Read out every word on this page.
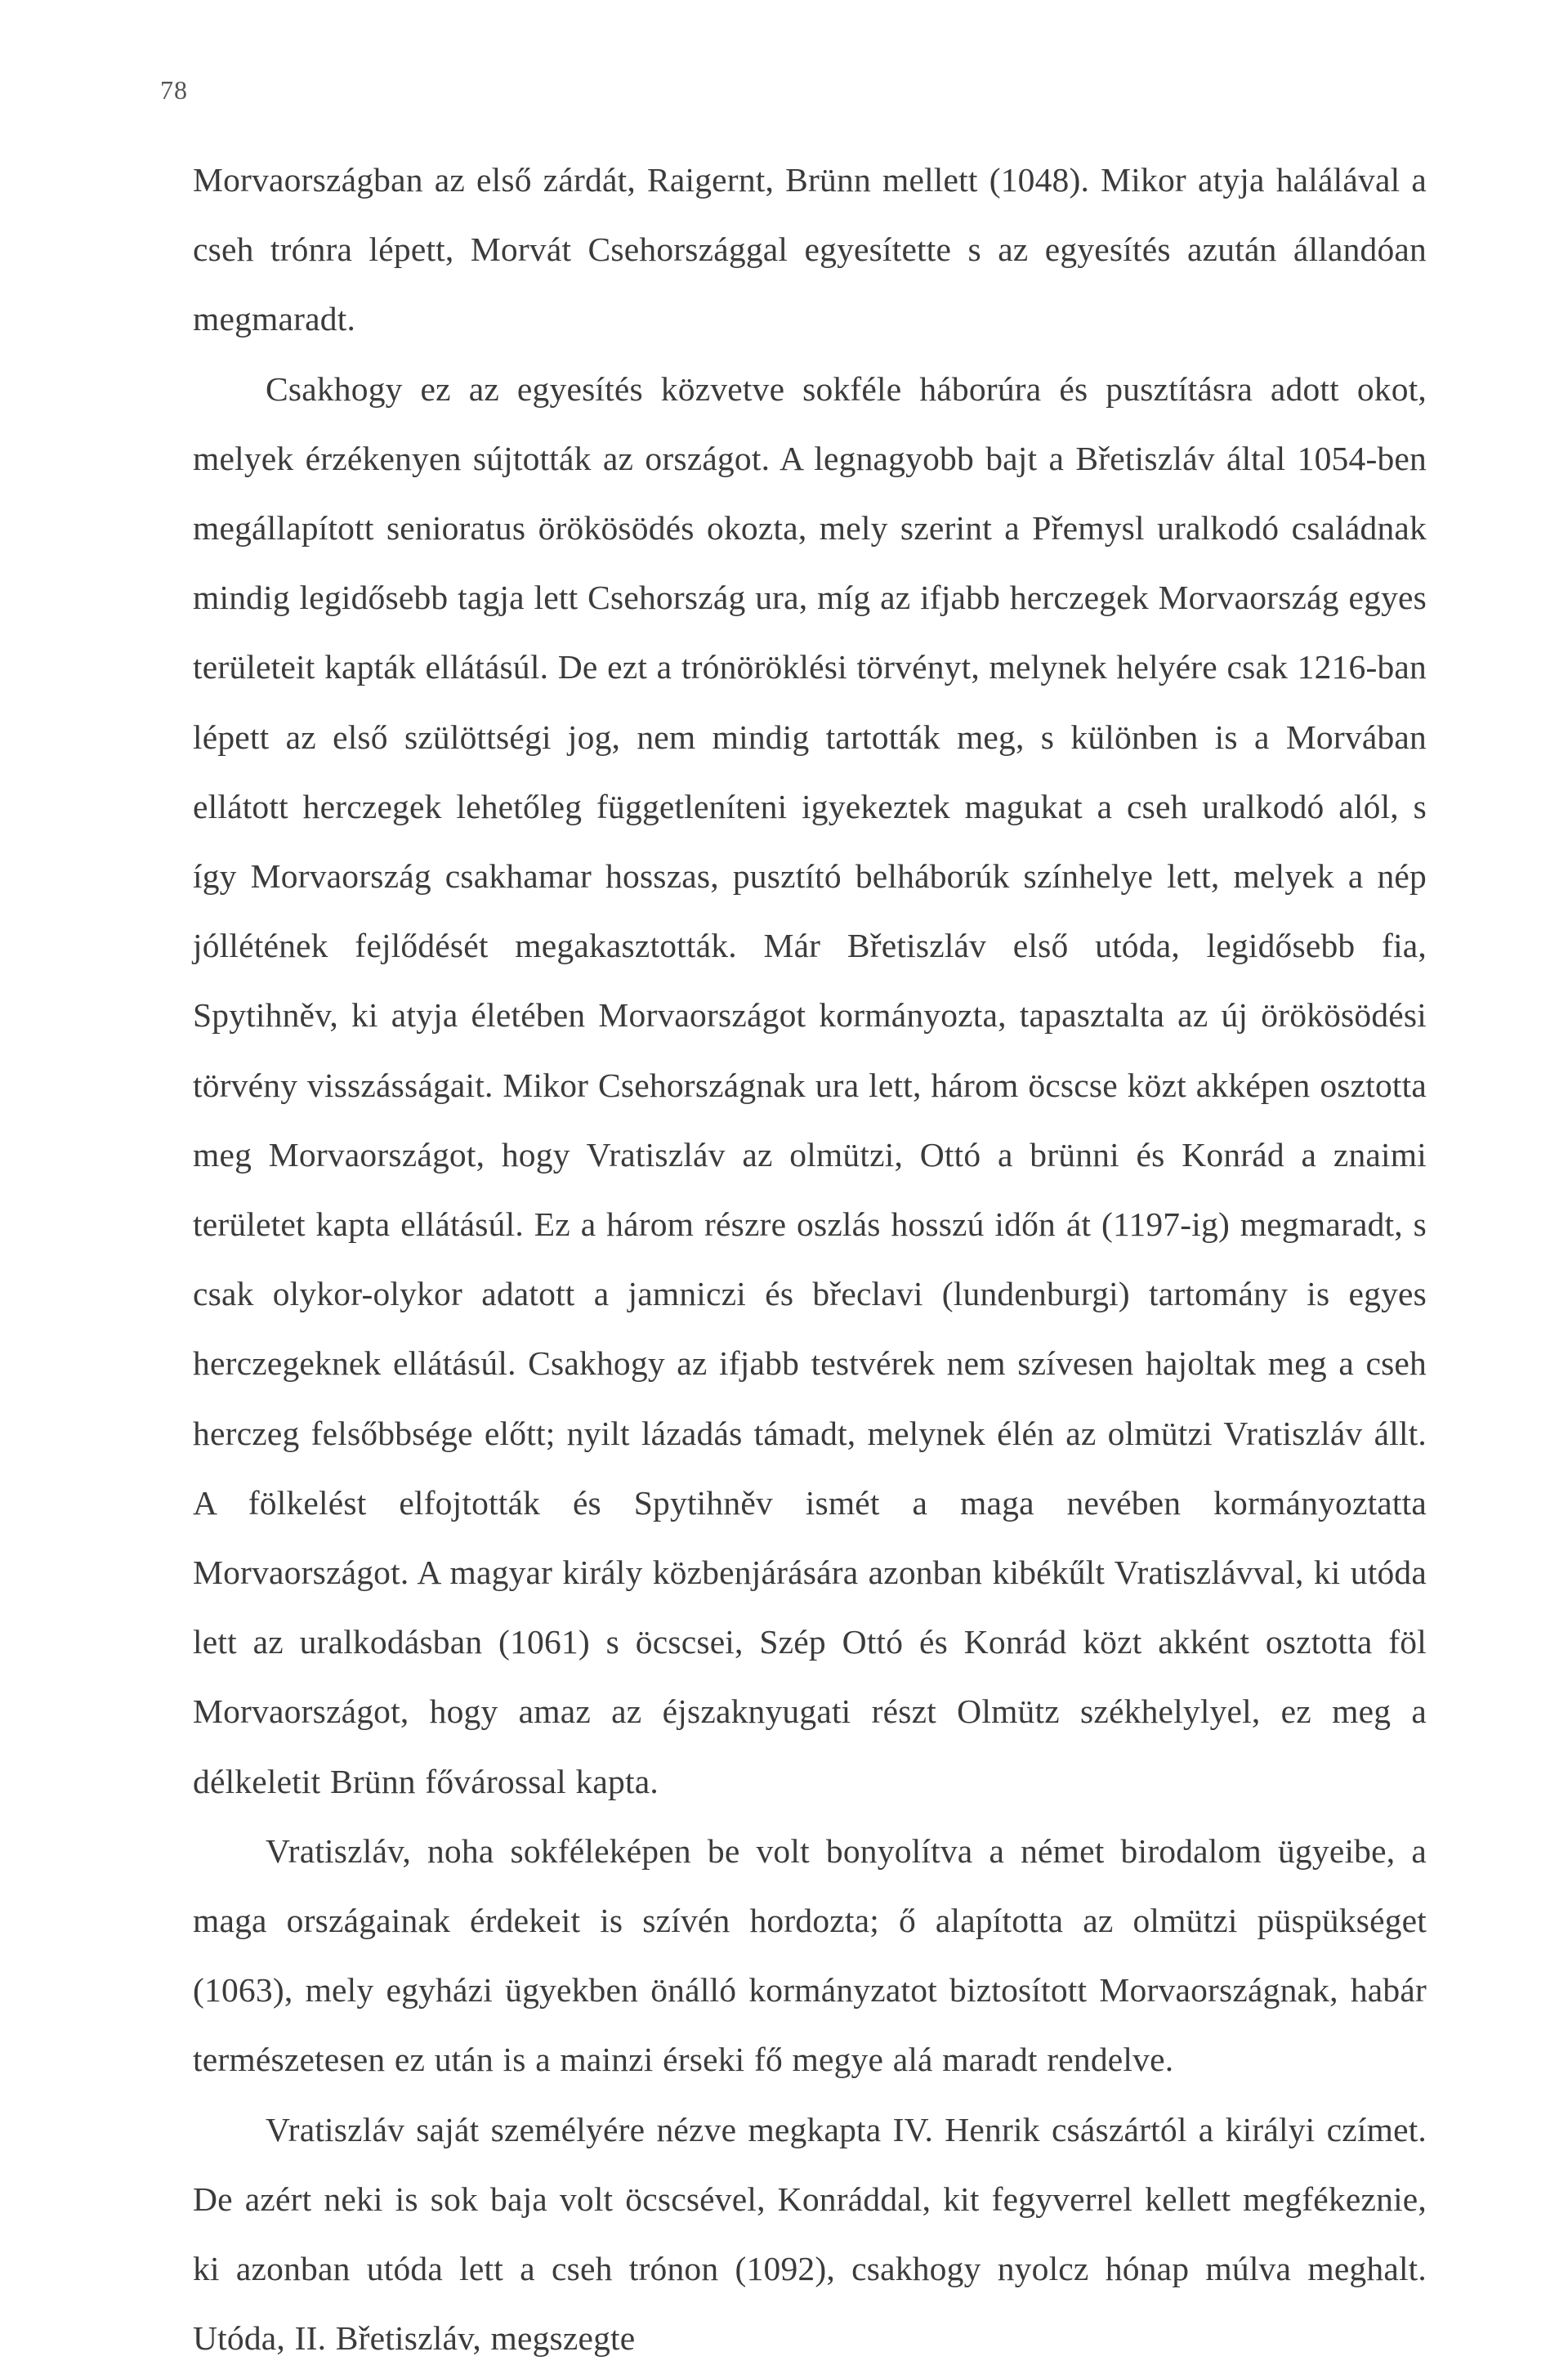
78

Morvaországban az első zárdát, Raigernt, Brünn mellett (1048). Mikor atyja halálával a cseh trónra lépett, Morvát Csehországgal egyesítette s az egyesítés azután állandóan megmaradt.

Csakhogy ez az egyesítés közvetve sokféle háborúra és pusztításra adott okot, melyek érzékenyen sújtották az országot. A legnagyobb bajt a Břetiszláv által 1054-ben megállapított senioratus örökösödés okozta, mely szerint a Přemysl uralkodó családnak mindig legidősebb tagja lett Csehország ura, míg az ifjabb herczegek Morvaország egyes területeit kapták ellátásúl. De ezt a trónöröklési törvényt, melynek helyére csak 1216-ban lépett az első szülöttségi jog, nem mindig tartották meg, s különben is a Morvában ellátott herczegek lehetőleg függetleníteni igyekeztek magukat a cseh uralkodó alól, s így Morvaország csakhamar hosszas, pusztító belháborúk színhelye lett, melyek a nép jóllétének fejlődését megakasztották. Már Břetiszláv első utóda, legidősebb fia, Spytihněv, ki atyja életében Morvaországot kormányozta, tapasztalta az új örökösödési törvény visszásságait. Mikor Csehországnak ura lett, három öcscse közt akképen osztotta meg Morvaországot, hogy Vratiszláv az olmützi, Ottó a brünni és Konrád a znaimi területet kapta ellátásúl. Ez a három részre oszlás hosszú időn át (1197-ig) megmaradt, s csak olykor-olykor adatott a jamniczi és břeclavi (lundenburgi) tartomány is egyes herczegeknek ellátásúl. Csakhogy az ifjabb testvérek nem szívesen hajoltak meg a cseh herczeg felsőbbsége előtt; nyilt lázadás támadt, melynek élén az olmützi Vratiszláv állt. A fölkelést elfojtották és Spytihněv ismét a maga nevében kormányoztatta Morvaországot. A magyar király közbenjárására azonban kibékűlt Vratiszlávval, ki utóda lett az uralkodásban (1061) s öcscsei, Szép Ottó és Konrád közt akként osztotta föl Morvaországot, hogy amaz az éjszaknyugati részt Olmütz székhelylyel, ez meg a délkeletit Brünn fővárossal kapta.

Vratiszláv, noha sokféleképen be volt bonyolítva a német birodalom ügyeibe, a maga országainak érdekeit is szívén hordozta; ő alapította az olmützi püspükséget (1063), mely egyházi ügyekben önálló kormányzatot biztosított Morvaországnak, habár természetesen ez után is a mainzi érseki fő megye alá maradt rendelve.

Vratiszláv saját személyére nézve megkapta IV. Henrik császártól a királyi czímet. De azért neki is sok baja volt öcscsével, Konráddal, kit fegyverrel kellett megfékeznie, ki azonban utóda lett a cseh trónon (1092), csakhogy nyolcz hónap múlva meghalt. Utóda, II. Břetiszláv, megszegte
